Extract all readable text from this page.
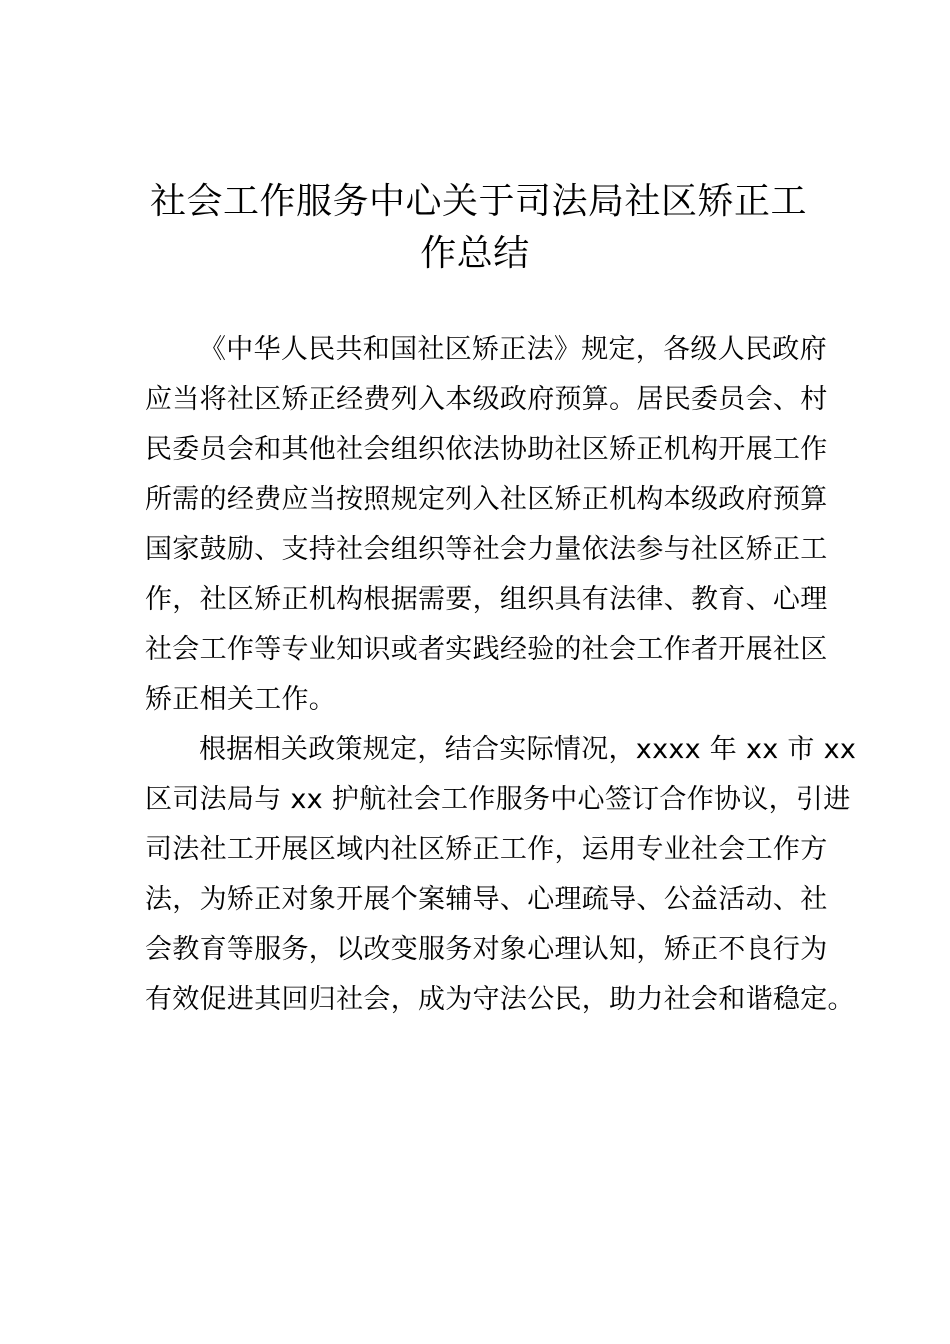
社会工作服务中心关于司法局社区矫正工
作总结
《中华人民共和国社区矫正法》规定，各级人民政府
应当将社区矫正经费列入本级政府预算。居民委员会、村
民委员会和其他社会组织依法协助社区矫正机构开展工作
所需的经费应当按照规定列入社区矫正机构本级政府预算
国家鼓励、支持社会组织等社会力量依法参与社区矫正工
作，社区矫正机构根据需要，组织具有法律、教育、心理
社会工作等专业知识或者实践经验的社会工作者开展社区
矫正相关工作。
根据相关政策规定，结合实际情况，xxxx 年 xx 市 xx
区司法局与 xx 护航社会工作服务中心签订合作协议，引进
司法社工开展区域内社区矫正工作，运用专业社会工作方
法，为矫正对象开展个案辅导、心理疏导、公益活动、社
会教育等服务，以改变服务对象心理认知，矫正不良行为
有效促进其回归社会，成为守法公民，助力社会和谐稳定。
